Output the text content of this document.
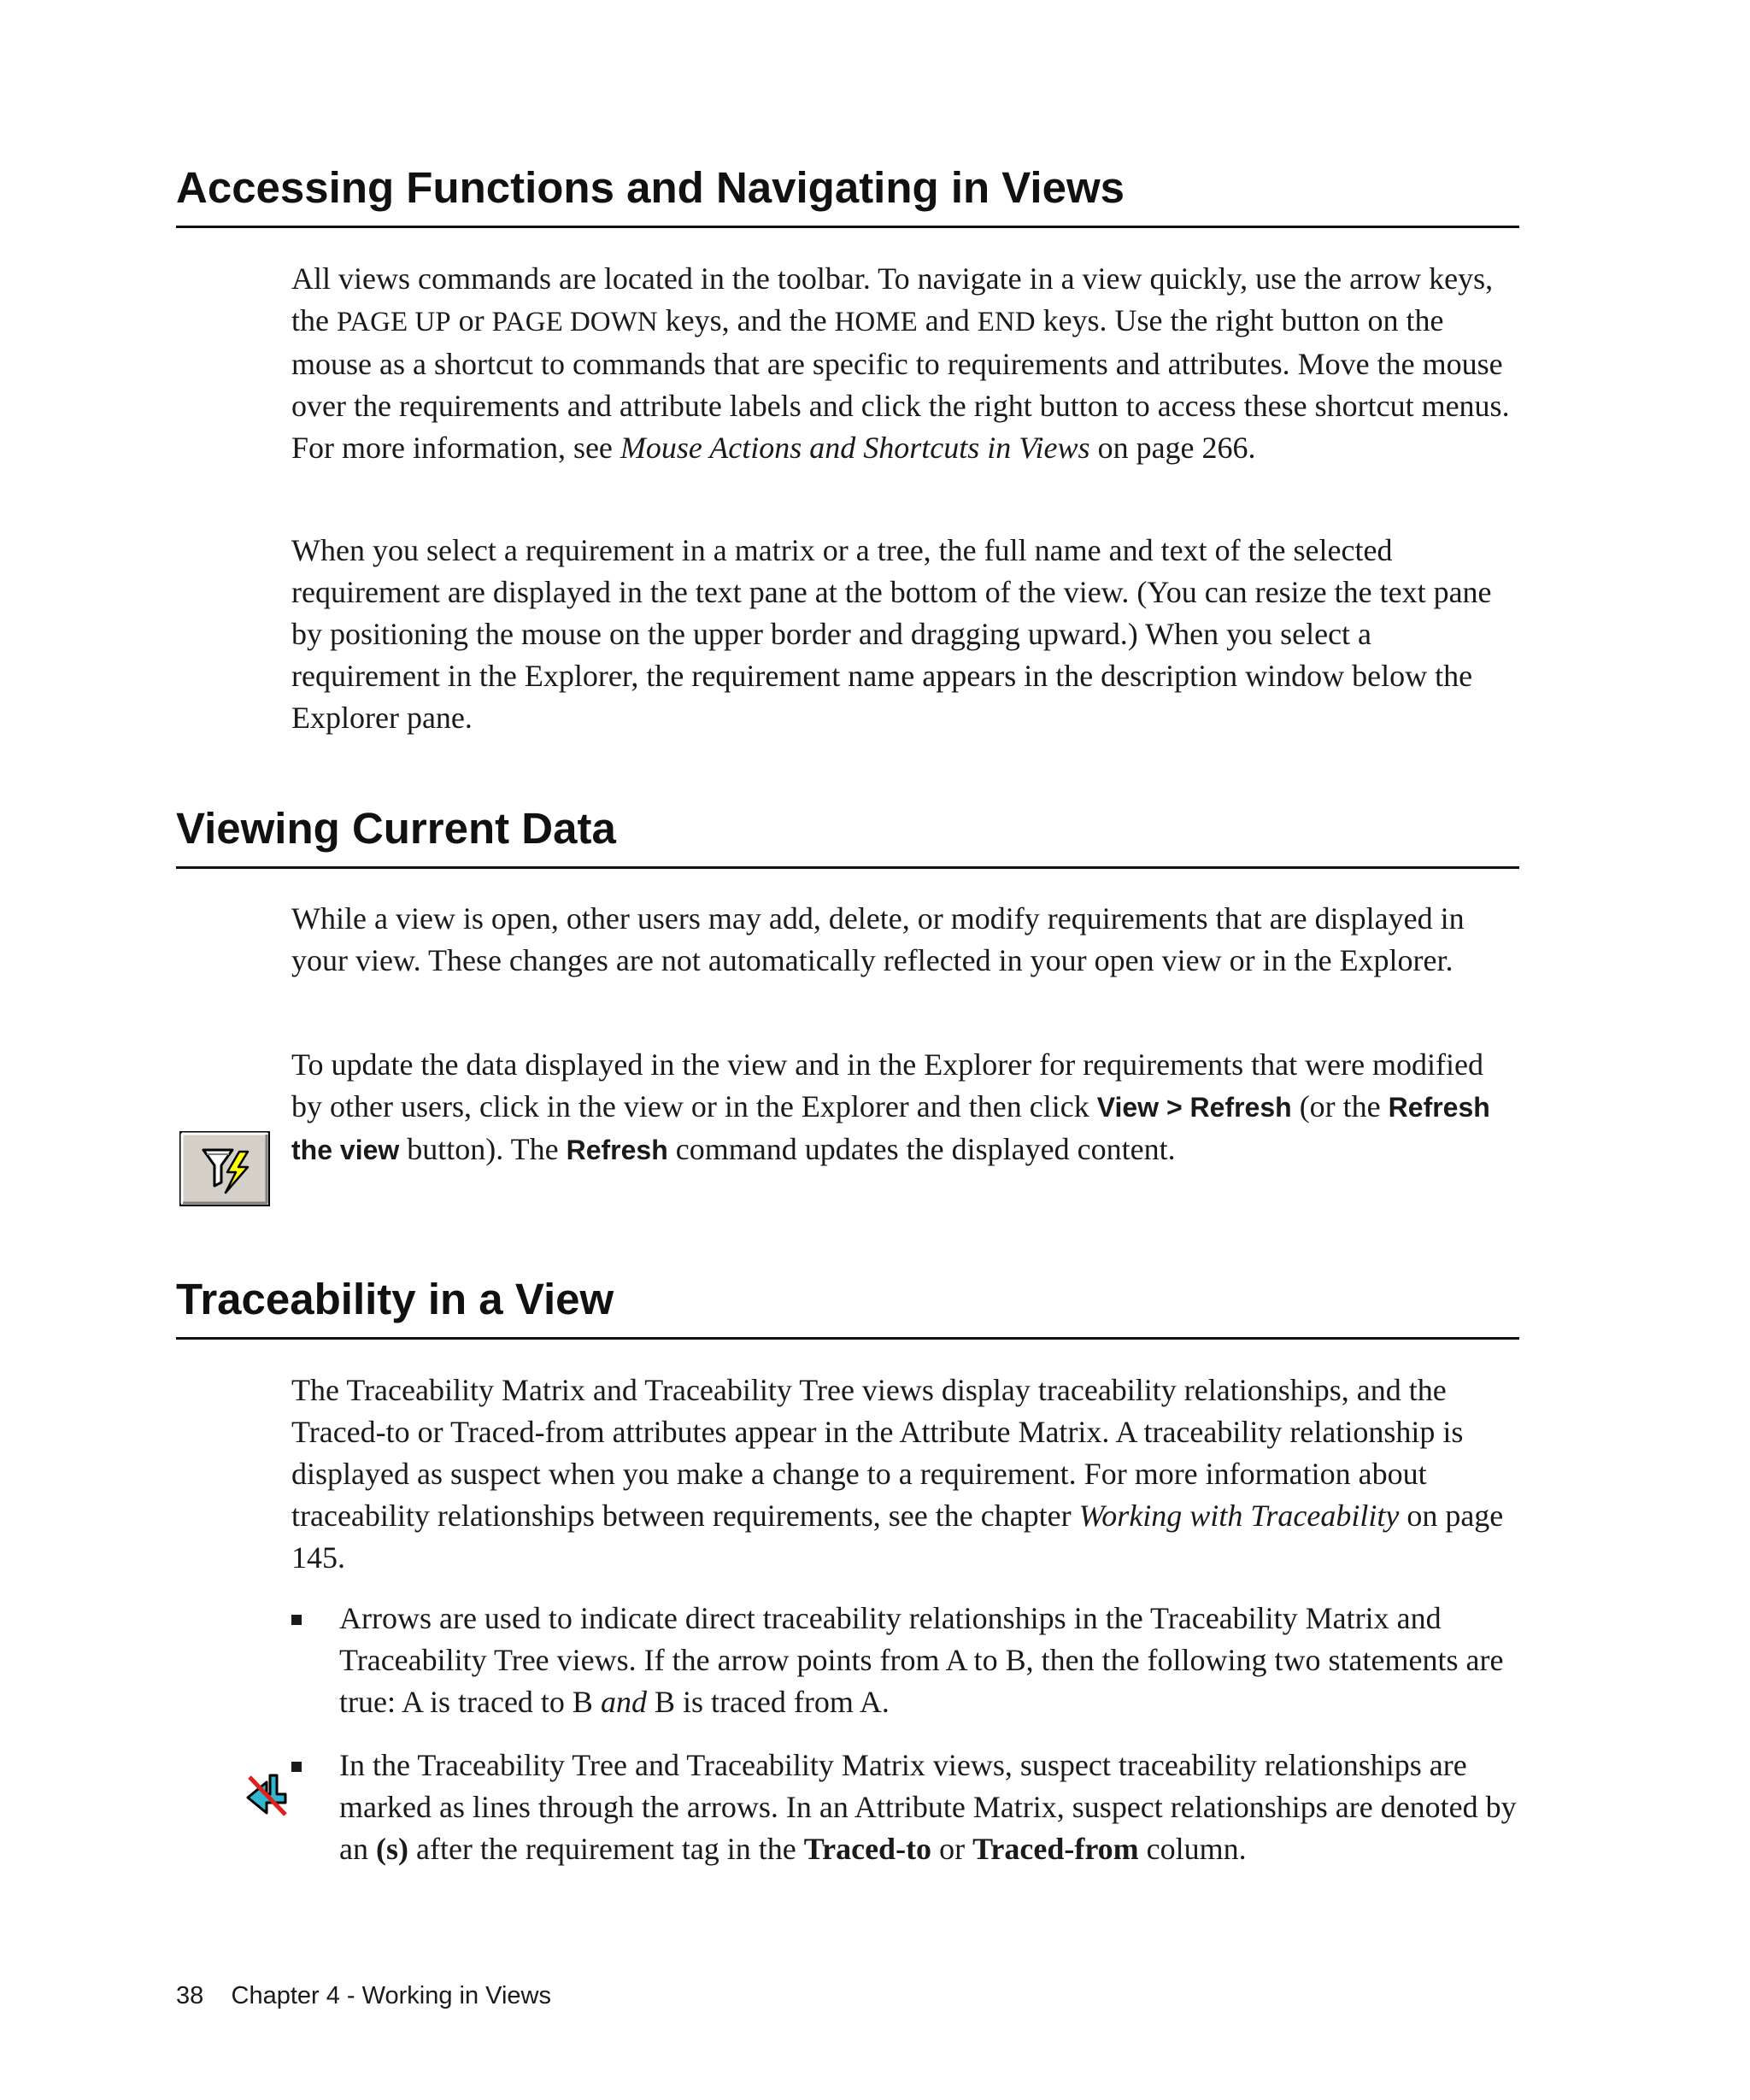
Accessing Functions and Navigating in Views

All views commands are located in the toolbar. To navigate in a view quickly, use the arrow keys, the PAGE UP or PAGE DOWN keys, and the HOME and END keys. Use the right button on the mouse as a shortcut to commands that are specific to requirements and attributes. Move the mouse over the requirements and attribute labels and click the right button to access these shortcut menus. For more information, see Mouse Actions and Shortcuts in Views on page 266.

When you select a requirement in a matrix or a tree, the full name and text of the selected requirement are displayed in the text pane at the bottom of the view. (You can resize the text pane by positioning the mouse on the upper border and dragging upward.) When you select a requirement in the Explorer, the requirement name appears in the description window below the Explorer pane.

Viewing Current Data

While a view is open, other users may add, delete, or modify requirements that are displayed in your view. These changes are not automatically reflected in your open view or in the Explorer.

To update the data displayed in the view and in the Explorer for requirements that were modified by other users, click in the view or in the Explorer and then click View > Refresh (or the Refresh the view button). The Refresh command updates the displayed content.

Traceability in a View

The Traceability Matrix and Traceability Tree views display traceability relationships, and the Traced-to or Traced-from attributes appear in the Attribute Matrix. A traceability relationship is displayed as suspect when you make a change to a requirement. For more information about traceability relationships between requirements, see the chapter Working with Traceability on page 145.

Arrows are used to indicate direct traceability relationships in the Traceability Matrix and Traceability Tree views. If the arrow points from A to B, then the following two statements are true: A is traced to B and B is traced from A.

In the Traceability Tree and Traceability Matrix views, suspect traceability relationships are marked as lines through the arrows. In an Attribute Matrix, suspect relationships are denoted by an (s) after the requirement tag in the Traced-to or Traced-from column.

38 Chapter 4 - Working in Views
